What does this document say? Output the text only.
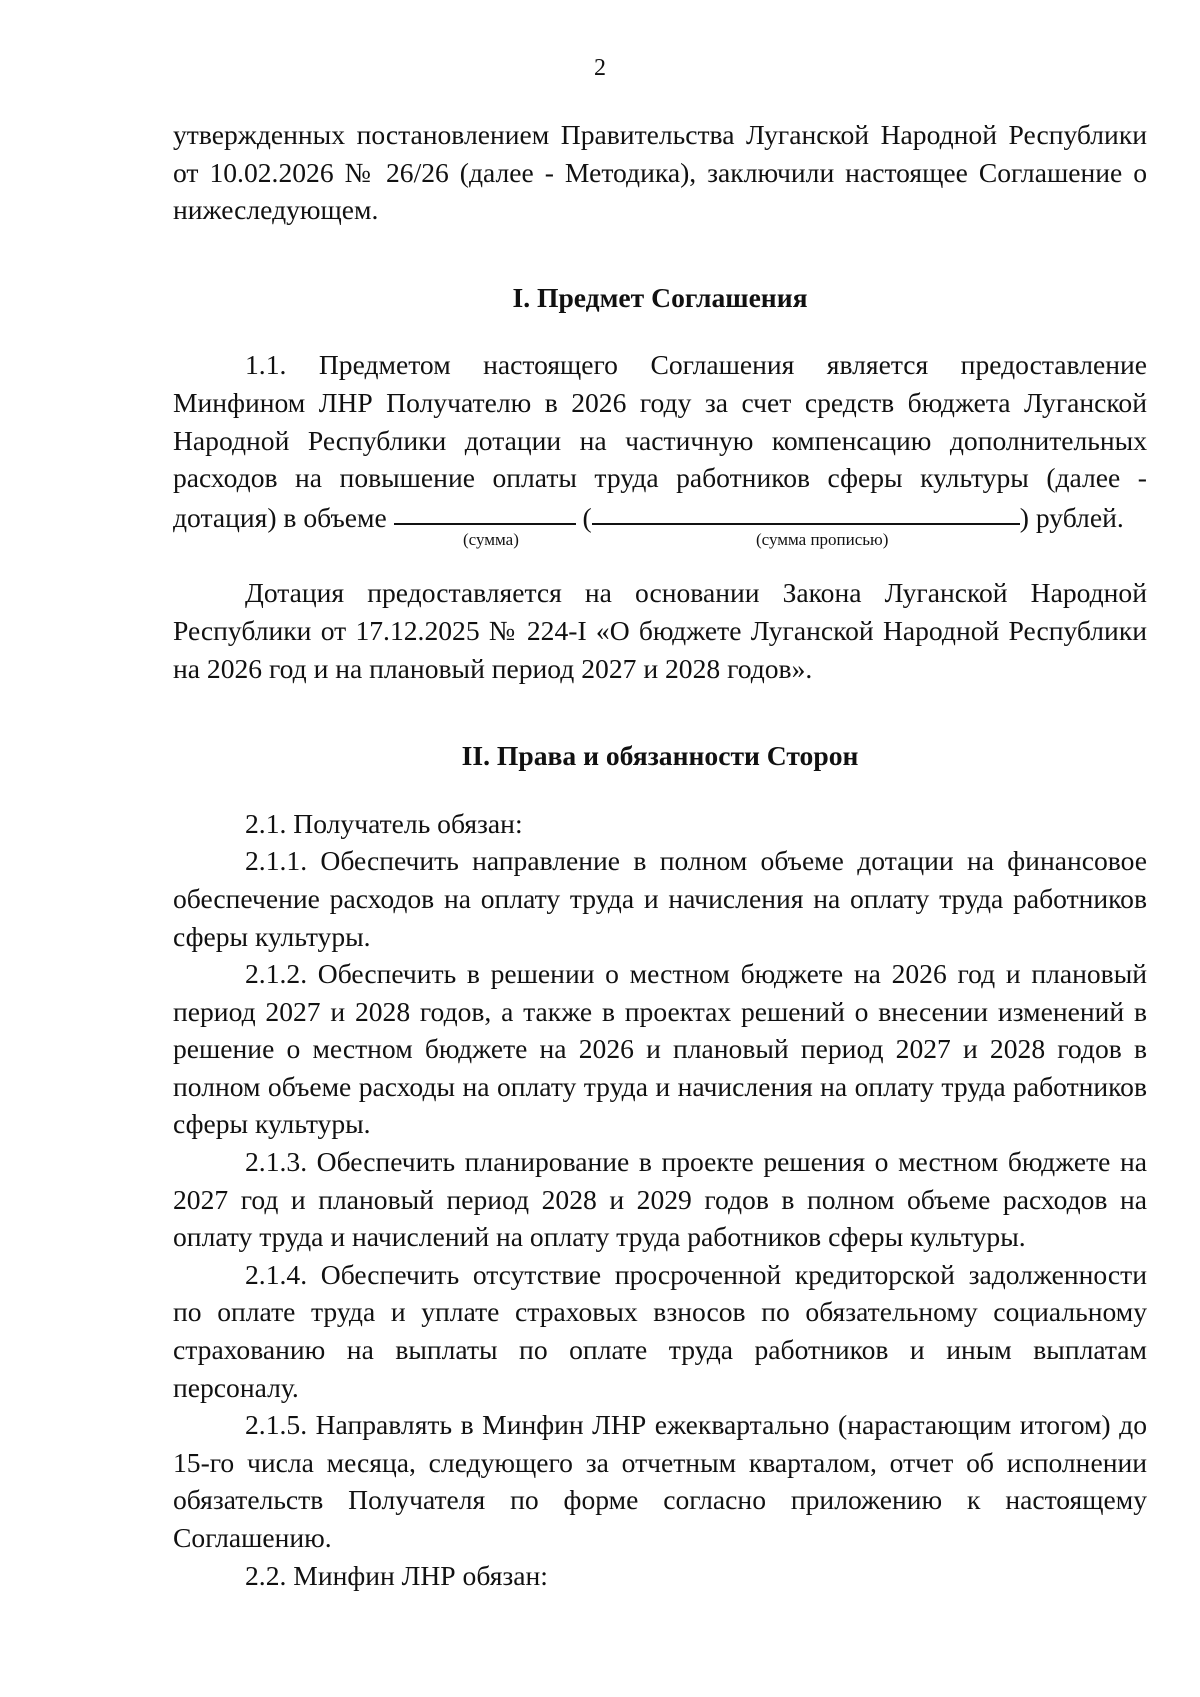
2

утвержденных постановлением Правительства Луганской Народной Республики от 10.02.2026 № 26/26 (далее - Методика), заключили настоящее Соглашение о нижеследующем.

I. Предмет Соглашения

1.1. Предметом настоящего Соглашения является предоставление Минфином ЛНР Получателю в 2026 году за счет средств бюджета Луганской Народной Республики дотации на частичную компенсацию дополнительных расходов на повышение оплаты труда работников сферы культуры (далее - дотация) в объеме	(	) рублей.

(сумма)	(сумма прописью)

Дотация предоставляется на основании Закона Луганской Народной Республики от 17.12.2025 № 224-I «О бюджете Луганской Народной Республики на 2026 год и на плановый период 2027 и 2028 годов».

II. Права и обязанности Сторон

2.1. Получатель обязан:

2.1.1. Обеспечить направление в полном объеме дотации на финансовое обеспечение расходов на оплату труда и начисления на оплату труда работников сферы культуры.

2.1.2. Обеспечить в решении о местном бюджете на 2026 год и плановый период 2027 и 2028 годов, а также в проектах решений о внесении изменений в решение о местном бюджете на 2026 и плановый период 2027 и 2028 годов в полном объеме расходы на оплату труда и начисления на оплату труда работников сферы культуры.

2.1.3. Обеспечить планирование в проекте решения о местном бюджете на 2027 год и плановый период 2028 и 2029 годов в полном объеме расходов на оплату труда и начислений на оплату труда работников сферы культуры.

2.1.4. Обеспечить отсутствие просроченной кредиторской задолженности по оплате труда и уплате страховых взносов по обязательному социальному страхованию на выплаты по оплате труда работников и иным выплатам персоналу.

2.1.5. Направлять в Минфин ЛНР ежеквартально (нарастающим итогом) до 15-го числа месяца, следующего за отчетным кварталом, отчет об исполнении обязательств Получателя по форме согласно приложению к настоящему Соглашению.

2.2. Минфин ЛНР обязан:
